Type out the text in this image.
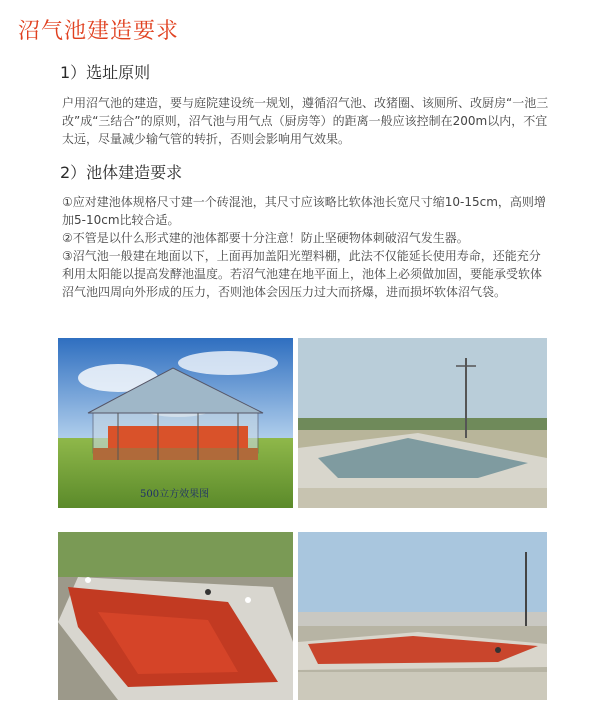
沼气池建造要求
1）选址原则
户用沼气池的建造，要与庭院建设统一规划，遵循沼气池、改猪圈、该厕所、改厨房“一池三改”成“三结合”的原则，沼气池与用气点（厨房等）的距离一般应该控制在200m以内，不宜太远，尽量减少输气管的转折，否则会影响用气效果。
2）池体建造要求
①应对建池体规格尺寸建一个砖混池，其尺寸应该略比软体池长宽尺寸缩10-15cm，高则增加5-10cm比较合适。
②不管是以什么形式建的池体都要十分注意！防止坚硬物体刺破沼气发生器。
③沼气池一般建在地面以下，上面再加盖阳光塑料棚，此法不仅能延长使用寿命，还能充分利用太阳能以提高发酵池温度。若沼气池建在地平面上，池体上必须做加固，要能承受软体沼气池四周向外形成的压力，否则池体会因压力过大而挤爆，进而损坏软体沼气袋。
500立方效果图
